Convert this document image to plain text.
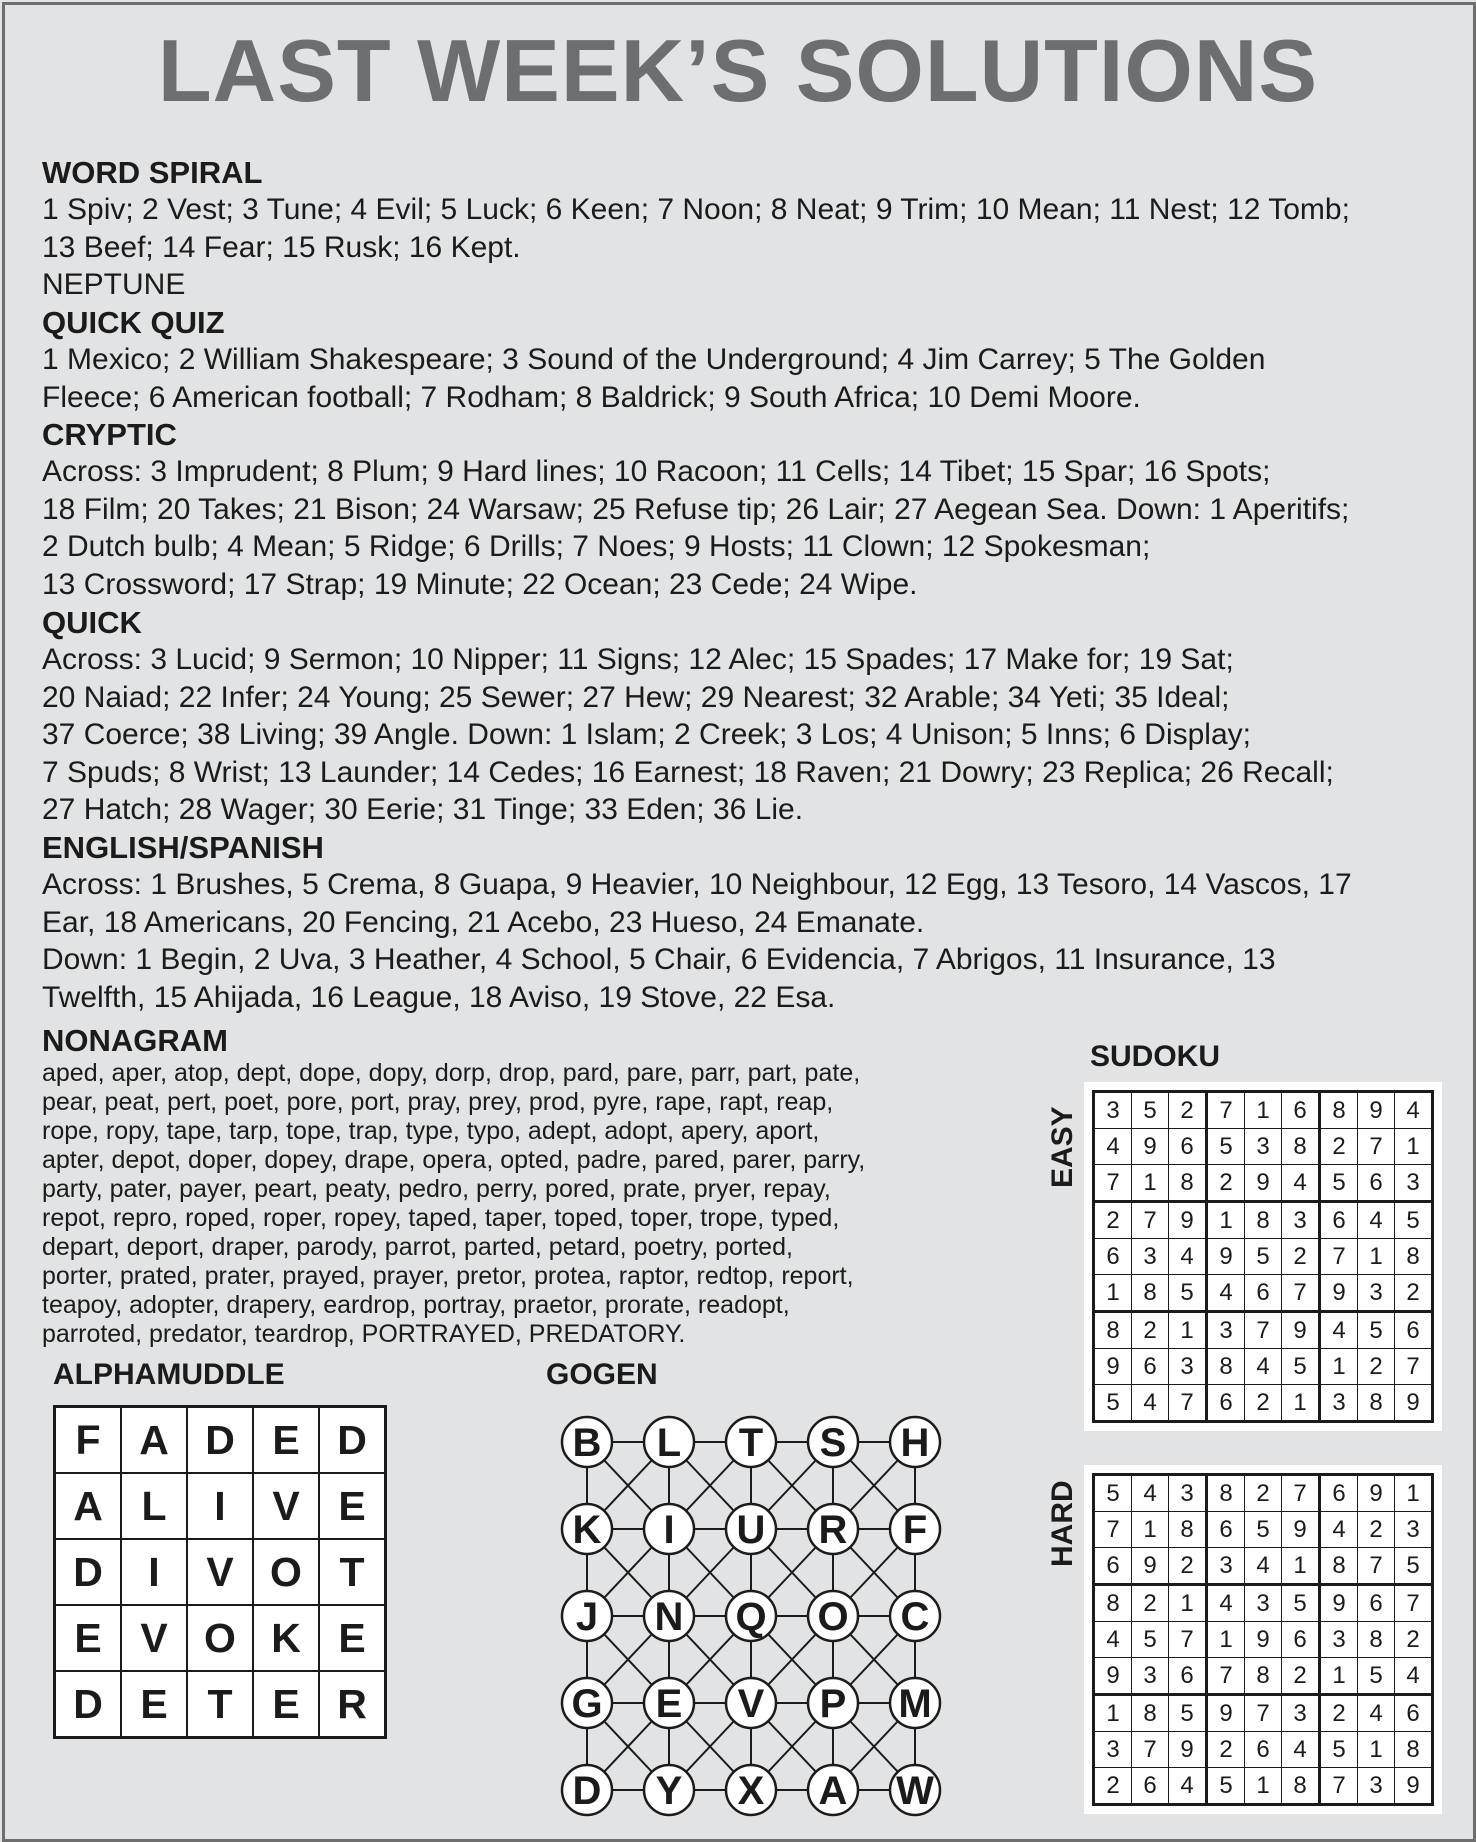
LAST WEEK’S SOLUTIONS
WORD SPIRAL
1 Spiv; 2 Vest; 3 Tune; 4 Evil; 5 Luck; 6 Keen; 7 Noon; 8 Neat; 9 Trim; 10 Mean; 11 Nest; 12 Tomb;
13 Beef; 14 Fear; 15 Rusk; 16 Kept.
NEPTUNE
QUICK QUIZ
1 Mexico; 2 William Shakespeare; 3 Sound of the Underground; 4 Jim Carrey; 5 The Golden
Fleece; 6 American football; 7 Rodham; 8 Baldrick; 9 South Africa; 10 Demi Moore.
CRYPTIC
Across: 3 Imprudent; 8 Plum; 9 Hard lines; 10 Racoon; 11 Cells; 14 Tibet; 15 Spar; 16 Spots;
18 Film; 20 Takes; 21 Bison; 24 Warsaw; 25 Refuse tip; 26 Lair; 27 Aegean Sea. Down: 1 Aperitifs;
2 Dutch bulb; 4 Mean; 5 Ridge; 6 Drills; 7 Noes; 9 Hosts; 11 Clown; 12 Spokesman;
13 Crossword; 17 Strap; 19 Minute; 22 Ocean; 23 Cede; 24 Wipe.
QUICK
Across: 3 Lucid; 9 Sermon; 10 Nipper; 11 Signs; 12 Alec; 15 Spades; 17 Make for; 19 Sat;
20 Naiad; 22 Infer; 24 Young; 25 Sewer; 27 Hew; 29 Nearest; 32 Arable; 34 Yeti; 35 Ideal;
37 Coerce; 38 Living; 39 Angle. Down: 1 Islam; 2 Creek; 3 Los; 4 Unison; 5 Inns; 6 Display;
7 Spuds; 8 Wrist; 13 Launder; 14 Cedes; 16 Earnest; 18 Raven; 21 Dowry; 23 Replica; 26 Recall;
27 Hatch; 28 Wager; 30 Eerie; 31 Tinge; 33 Eden; 36 Lie.
ENGLISH/SPANISH
Across: 1 Brushes, 5 Crema, 8 Guapa, 9 Heavier, 10 Neighbour, 12 Egg, 13 Tesoro, 14 Vascos, 17
Ear, 18 Americans, 20 Fencing, 21 Acebo, 23 Hueso, 24 Emanate.
Down: 1 Begin, 2 Uva, 3 Heather, 4 School, 5 Chair, 6 Evidencia, 7 Abrigos, 11 Insurance, 13
Twelfth, 15 Ahijada, 16 League, 18 Aviso, 19 Stove, 22 Esa.
NONAGRAM
aped, aper, atop, dept, dope, dopy, dorp, drop, pard, pare, parr, part, pate,
pear, peat, pert, poet, pore, port, pray, prey, prod, pyre, rape, rapt, reap,
rope, ropy, tape, tarp, tope, trap, type, typo, adept, adopt, apery, aport,
apter, depot, doper, dopey, drape, opera, opted, padre, pared, parer, parry,
party, pater, payer, peart, peaty, pedro, perry, pored, prate, pryer, repay,
repot, repro, roped, roper, ropey, taped, taper, toped, toper, trope, typed,
depart, deport, draper, parody, parrot, parted, petard, poetry, ported,
porter, prated, prater, prayed, prayer, pretor, protea, raptor, redtop, report,
teapoy, adopter, drapery, eardrop, portray, praetor, prorate, readopt,
parroted, predator, teardrop, PORTRAYED, PREDATORY.
SUDOKU
EASY
HARD
3	5	2	7	1	6	8	9	4
4	9	6	5	3	8	2	7	1
7	1	8	2	9	4	5	6	3
2	7	9	1	8	3	6	4	5
6	3	4	9	5	2	7	1	8
1	8	5	4	6	7	9	3	2
8	2	1	3	7	9	4	5	6
9	6	3	8	4	5	1	2	7
5	4	7	6	2	1	3	8	9
5	4	3	8	2	7	6	9	1
7	1	8	6	5	9	4	2	3
6	9	2	3	4	1	8	7	5
8	2	1	4	3	5	9	6	7
4	5	7	1	9	6	3	8	2
9	3	6	7	8	2	1	5	4
1	8	5	9	7	3	2	4	6
3	7	9	2	6	4	5	1	8
2	6	4	5	1	8	7	3	9
ALPHAMUDDLE
F	A	D	E	D
A	L	I	V	E
D	I	V	O	T
E	V	O	K	E
D	E	T	E	R
GOGEN
B L T S H
K I U R F
J N Q O C
G E V P M
D Y X A W
